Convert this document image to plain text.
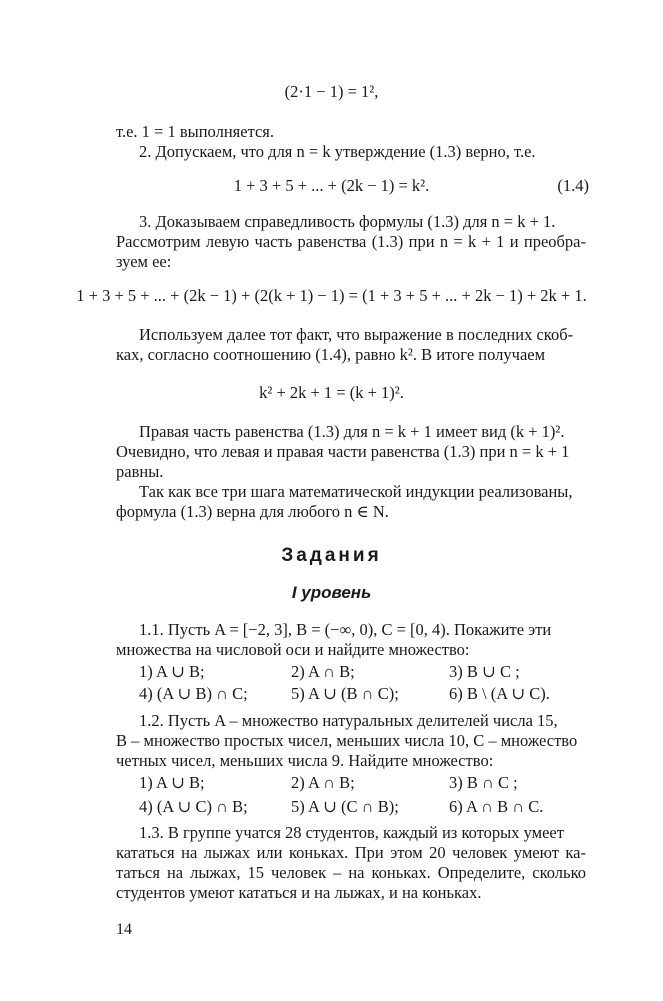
(2·1 − 1) = 1²,
т.е. 1 = 1 выполняется.
2. Допускаем, что для n = k утверждение (1.3) верно, т.е.
1 + 3 + 5 + ... + (2k − 1) = k².	(1.4)
3. Доказываем справедливость формулы (1.3) для n = k + 1.
Рассмотрим левую часть равенства (1.3) при n = k + 1 и преобра-
зуем ее:
1 + 3 + 5 + ... + (2k − 1) + (2(k + 1) − 1) = (1 + 3 + 5 + ... + 2k − 1) + 2k + 1.
Используем далее тот факт, что выражение в последних скоб-
ках, согласно соотношению (1.4), равно k². В итоге получаем
k² + 2k + 1 = (k + 1)².
Правая часть равенства (1.3) для n = k + 1 имеет вид (k + 1)².
Очевидно, что левая и правая части равенства (1.3) при n = k + 1
равны.
Так как все три шага математической индукции реализованы,
формула (1.3) верна для любого n ∈ N.
Задания
I уровень
1.1. Пусть A = [−2, 3], B = (−∞, 0), C = [0, 4). Покажите эти
множества на числовой оси и найдите множество:
1) A ∪ B;	2) A ∩ B;	3) B ∪ C ;
4) (A ∪ B) ∩ C;	5) A ∪ (B ∩ C);	6) B \ (A ∪ C).
1.2. Пусть A – множество натуральных делителей числа 15,
B – множество простых чисел, меньших числа 10, C – множество
четных чисел, меньших числа 9. Найдите множество:
1) A ∪ B;	2) A ∩ B;	3) B ∩ C ;
4) (A ∪ C) ∩ B;	5) A ∪ (C ∩ B);	6) A ∩ B ∩ C.
1.3. В группе учатся 28 студентов, каждый из которых умеет
кататься на лыжах или коньках. При этом 20 человек умеют ка-
таться на лыжах, 15 человек – на коньках. Определите, сколько
студентов умеют кататься и на лыжах, и на коньках.
14
